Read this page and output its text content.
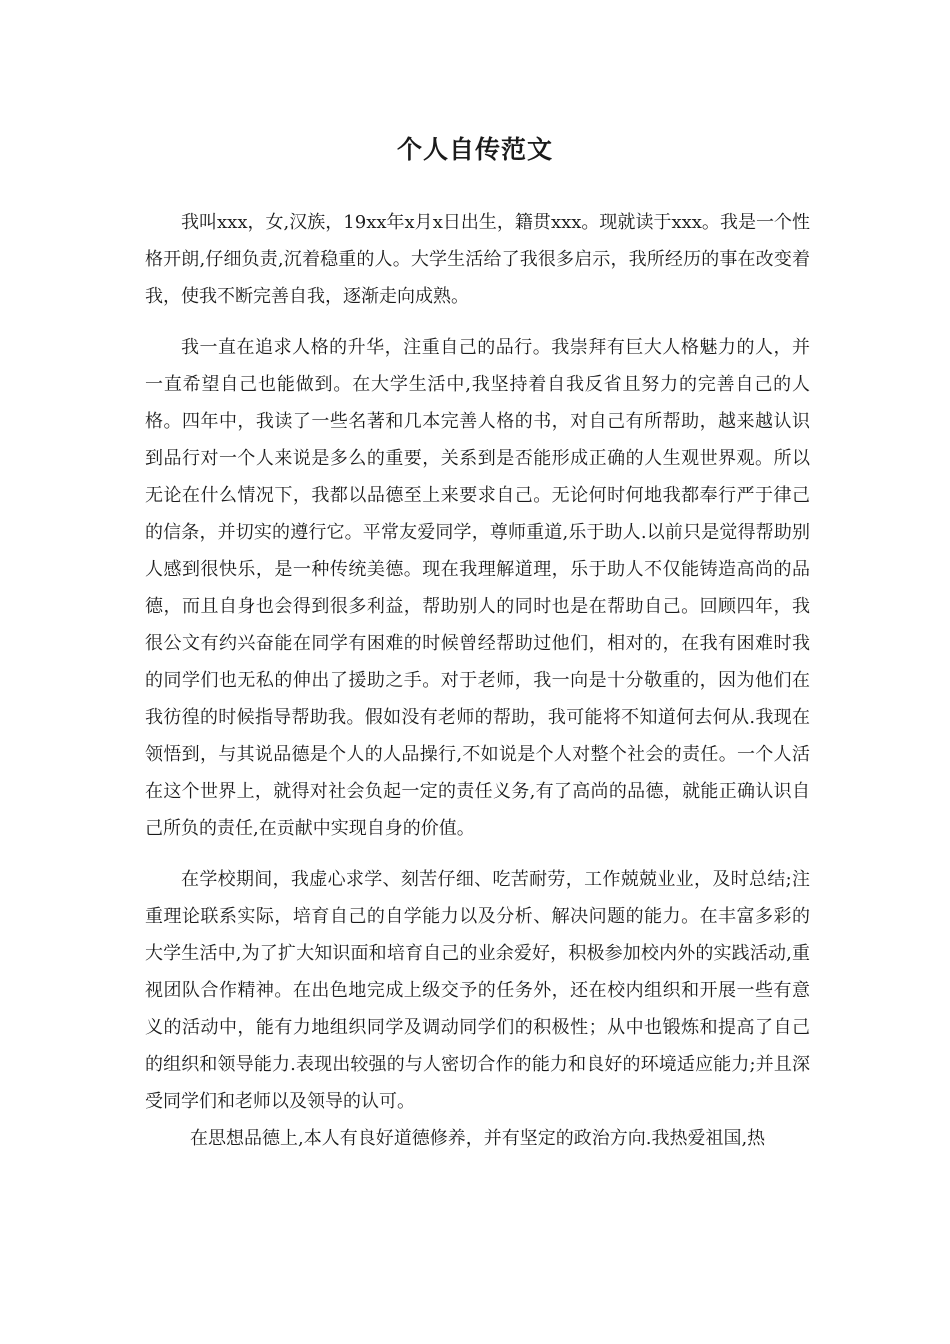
个人自传范文

我叫xxx，女,汉族，19xx年x月x日出生，籍贯xxx。现就读于xxx。我是一个性格开朗,仔细负责,沉着稳重的人。大学生活给了我很多启示，我所经历的事在改变着我，使我不断完善自我，逐渐走向成熟。

我一直在追求人格的升华，注重自己的品行。我崇拜有巨大人格魅力的人，并一直希望自己也能做到。在大学生活中,我坚持着自我反省且努力的完善自己的人格。四年中，我读了一些名著和几本完善人格的书，对自己有所帮助，越来越认识到品行对一个人来说是多么的重要，关系到是否能形成正确的人生观世界观。所以无论在什么情况下，我都以品德至上来要求自己。无论何时何地我都奉行严于律己的信条，并切实的遵行它。平常友爱同学，尊师重道,乐于助人.以前只是觉得帮助别人感到很快乐，是一种传统美德。现在我理解道理，乐于助人不仅能铸造高尚的品德，而且自身也会得到很多利益，帮助别人的同时也是在帮助自己。回顾四年，我很公文有约兴奋能在同学有困难的时候曾经帮助过他们，相对的，在我有困难时我的同学们也无私的伸出了援助之手。对于老师，我一向是十分敬重的，因为他们在我彷徨的时候指导帮助我。假如没有老师的帮助，我可能将不知道何去何从.我现在领悟到，与其说品德是个人的人品操行,不如说是个人对整个社会的责任。一个人活在这个世界上，就得对社会负起一定的责任义务,有了高尚的品德，就能正确认识自己所负的责任,在贡献中实现自身的价值。

在学校期间，我虚心求学、刻苦仔细、吃苦耐劳，工作兢兢业业，及时总结;注重理论联系实际，培育自己的自学能力以及分析、解决问题的能力。在丰富多彩的大学生活中,为了扩大知识面和培育自己的业余爱好，积极参加校内外的实践活动,重视团队合作精神。在出色地完成上级交予的任务外，还在校内组织和开展一些有意义的活动中，能有力地组织同学及调动同学们的积极性；从中也锻炼和提高了自己的组织和领导能力.表现出较强的与人密切合作的能力和良好的环境适应能力;并且深受同学们和老师以及领导的认可。

在思想品德上,本人有良好道德修养，并有坚定的政治方向.我热爱祖国,热
